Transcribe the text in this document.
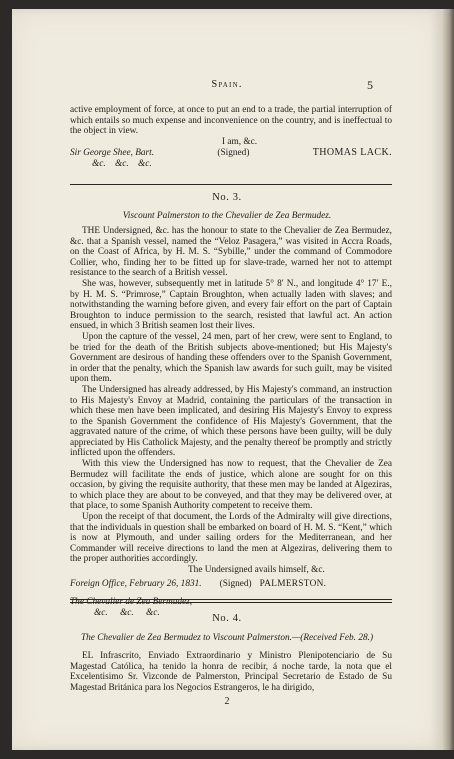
Spain.	5

active employment of force, at once to put an end to a trade, the partial interruption of which entails so much expense and inconvenience on the country, and is ineffectual to the object in view.

I am, &c.
Sir George Shee, Bart.	(Signed)	THOMAS LACK.
&c. &c. &c.
No. 3.
Viscount Palmerston to the Chevalier de Zea Bermudez.

THE Undersigned, &c. has the honour to state to the Chevalier de Zea Bermudez, &c. that a Spanish vessel, named the “Veloz Pasagera,” was visited in Accra Roads, on the Coast of Africa, by H. M. S. “Sybille,” under the command of Commodore Collier, who, finding her to be fitted up for slave-trade, warned her not to attempt resistance to the search of a British vessel.

She was, however, subsequently met in latitude 5° 8′ N., and longitude 4° 17′ E., by H. M. S. “Primrose,” Captain Broughton, when actually laden with slaves; and notwithstanding the warning before given, and every fair effort on the part of Captain Broughton to induce permission to the search, resisted that lawful act. An action ensued, in which 3 British seamen lost their lives.

Upon the capture of the vessel, 24 men, part of her crew, were sent to England, to be tried for the death of the British subjects above-mentioned; but His Majesty's Government are desirous of handing these offenders over to the Spanish Government, in order that the penalty, which the Spanish law awards for such guilt, may be visited upon them.

The Undersigned has already addressed, by His Majesty's command, an instruction to His Majesty's Envoy at Madrid, containing the particulars of the transaction in which these men have been implicated, and desiring His Majesty's Envoy to express to the Spanish Government the confidence of His Majesty's Government, that the aggravated nature of the crime, of which these persons have been guilty, will be duly appreciated by His Catholick Majesty, and the penalty thereof be promptly and strictly inflicted upon the offenders.

With this view the Undersigned has now to request, that the Chevalier de Zea Bermudez will facilitate the ends of justice, which alone are sought for on this occasion, by giving the requisite authority, that these men may be landed at Algeziras, to which place they are about to be conveyed, and that they may be delivered over, at that place, to some Spanish Authority competent to receive them.

Upon the receipt of that document, the Lords of the Admiralty will give directions, that the individuals in question shall be embarked on board of H. M. S. “Kent,” which is now at Plymouth, and under sailing orders for the Mediterranean, and her Commander will receive directions to land the men at Algeziras, delivering them to the proper authorities accordingly.

The Undersigned avails himself, &c.
Foreign Office, February 26, 1831. (Signed) PALMERSTON.
The Chevalier de Zea Bermudez,
&c. &c. &c.
No. 4.
The Chevalier de Zea Bermudez to Viscount Palmerston.—(Received Feb. 28.)

EL Infrascrito, Enviado Extraordinario y Ministro Plenipotenciario de Su Magestad Católica, ha tenido la honra de recibir, á noche tarde, la nota que el Excelentisimo Sr. Vizconde de Palmerston, Principal Secretario de Estado de Su Magestad Británica para los Negocios Estrangeros, le ha dirigido,

2
